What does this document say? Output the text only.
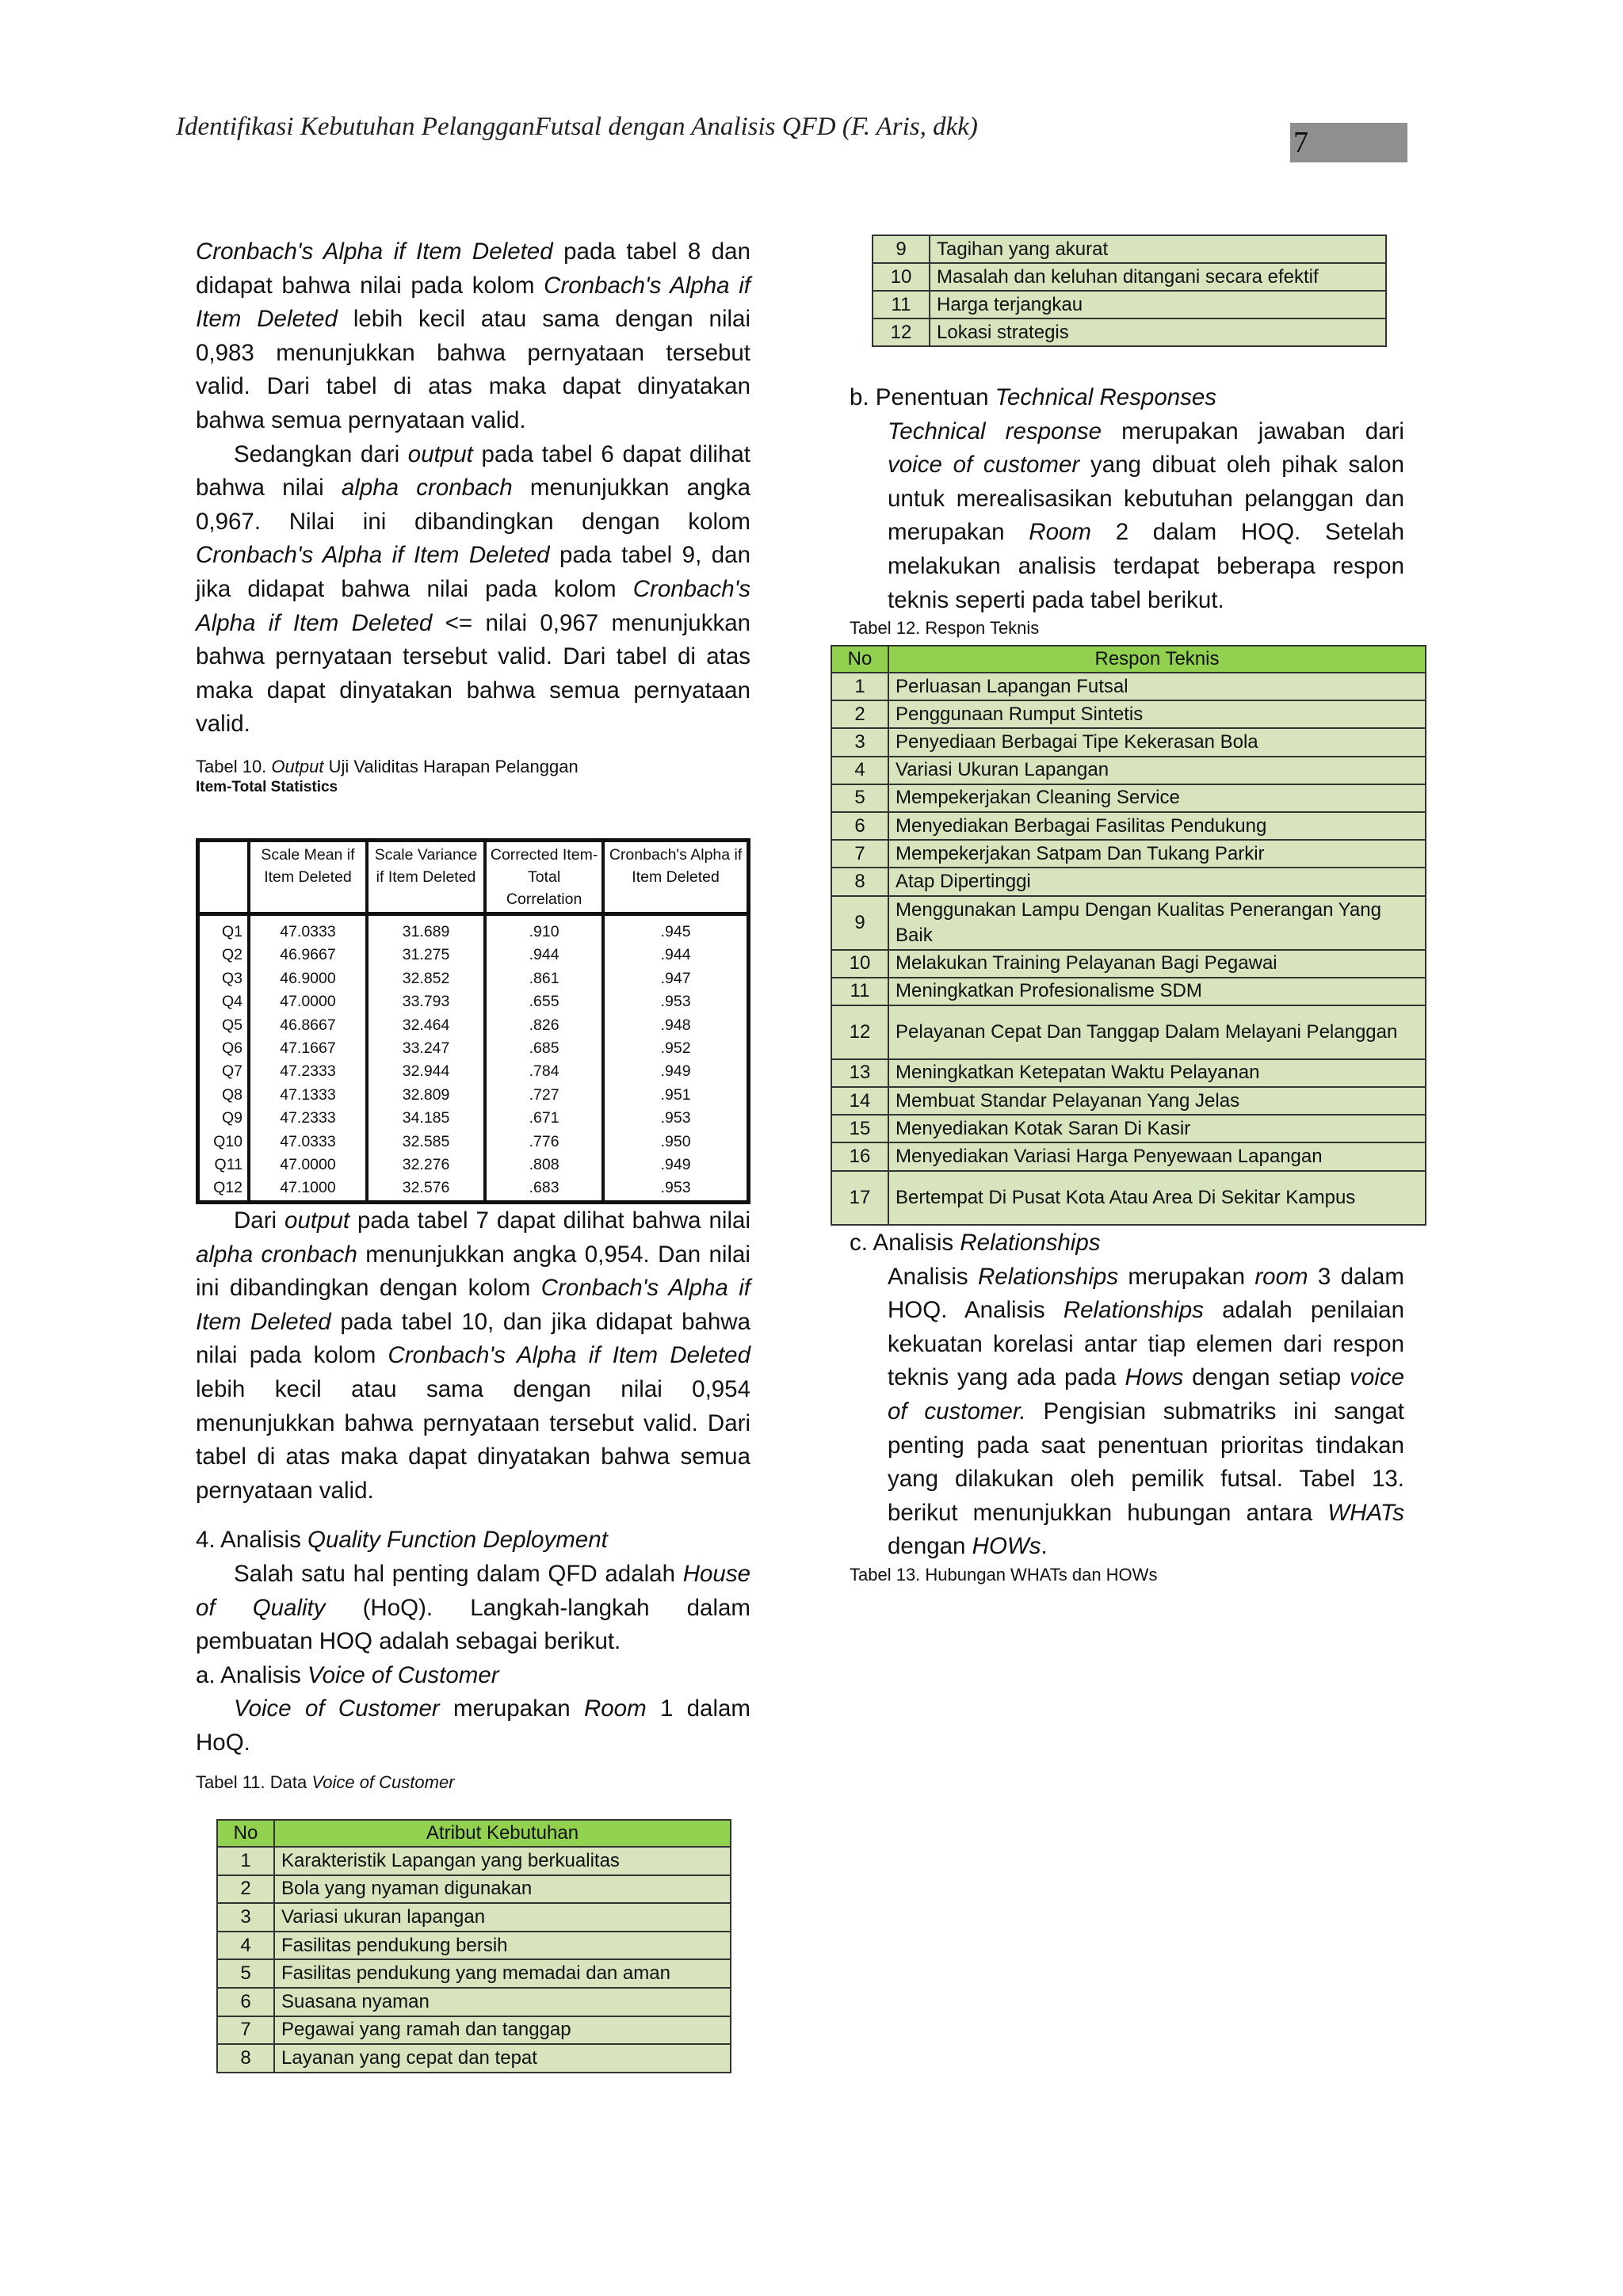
Identifikasi Kebutuhan PelangganFutsal dengan Analisis QFD (F. Aris, dkk)	7

Cronbach's Alpha if Item Deleted pada tabel 8 dan didapat bahwa nilai pada kolom Cronbach's Alpha if Item Deleted lebih kecil atau sama dengan nilai 0,983 menunjukkan bahwa pernyataan tersebut valid. Dari tabel di atas maka dapat dinyatakan bahwa semua pernyataan valid.

Sedangkan dari output pada tabel 6 dapat dilihat bahwa nilai alpha cronbach menunjukkan angka 0,967. Nilai ini dibandingkan dengan kolom Cronbach's Alpha if Item Deleted pada tabel 9, dan jika didapat bahwa nilai pada kolom Cronbach's Alpha if Item Deleted <= nilai 0,967 menunjukkan bahwa pernyataan tersebut valid. Dari tabel di atas maka dapat dinyatakan bahwa semua pernyataan valid.

Tabel 10. Output Uji Validitas Harapan Pelanggan

Item-Total Statistics

	Scale Mean if Item Deleted	Scale Variance if Item Deleted	Corrected Item-Total Correlation	Cronbach's Alpha if Item Deleted
Q1	47.0333	31.689	.910	.945
Q2	46.9667	31.275	.944	.944
Q3	46.9000	32.852	.861	.947
Q4	47.0000	33.793	.655	.953
Q5	46.8667	32.464	.826	.948
Q6	47.1667	33.247	.685	.952
Q7	47.2333	32.944	.784	.949
Q8	47.1333	32.809	.727	.951
Q9	47.2333	34.185	.671	.953
Q10	47.0333	32.585	.776	.950
Q11	47.0000	32.276	.808	.949
Q12	47.1000	32.576	.683	.953

Dari output pada tabel 7 dapat dilihat bahwa nilai alpha cronbach menunjukkan angka 0,954. Dan nilai ini dibandingkan dengan kolom Cronbach's Alpha if Item Deleted pada tabel 10, dan jika didapat bahwa nilai pada kolom Cronbach's Alpha if Item Deleted lebih kecil atau sama dengan nilai 0,954 menunjukkan bahwa pernyataan tersebut valid. Dari tabel di atas maka dapat dinyatakan bahwa semua pernyataan valid.

4. Analisis Quality Function Deployment

Salah satu hal penting dalam QFD adalah House of Quality (HoQ). Langkah-langkah dalam pembuatan HOQ adalah sebagai berikut.

a. Analisis Voice of Customer

Voice of Customer merupakan Room 1 dalam HoQ.

Tabel 11. Data Voice of Customer

No	Atribut Kebutuhan
1	Karakteristik Lapangan yang berkualitas
2	Bola yang nyaman digunakan
3	Variasi ukuran lapangan
4	Fasilitas pendukung bersih
5	Fasilitas pendukung yang memadai dan aman
6	Suasana nyaman
7	Pegawai yang ramah dan tanggap
8	Layanan yang cepat dan tepat
9	Tagihan yang akurat
10	Masalah dan keluhan ditangani secara efektif
11	Harga terjangkau
12	Lokasi strategis

b. Penentuan Technical Responses

Technical response merupakan jawaban dari voice of customer yang dibuat oleh pihak salon untuk merealisasikan kebutuhan pelanggan dan merupakan Room 2 dalam HOQ. Setelah melakukan analisis terdapat beberapa respon teknis seperti pada tabel berikut.

Tabel 12. Respon Teknis

No	Respon Teknis
1	Perluasan Lapangan Futsal
2	Penggunaan Rumput Sintetis
3	Penyediaan Berbagai Tipe Kekerasan Bola
4	Variasi Ukuran Lapangan
5	Mempekerjakan Cleaning Service
6	Menyediakan Berbagai Fasilitas Pendukung
7	Mempekerjakan Satpam Dan Tukang Parkir
8	Atap Dipertinggi
9	Menggunakan Lampu Dengan Kualitas Penerangan Yang Baik
10	Melakukan Training Pelayanan Bagi Pegawai
11	Meningkatkan Profesionalisme SDM
12	Pelayanan Cepat Dan Tanggap Dalam Melayani Pelanggan
13	Meningkatkan Ketepatan Waktu Pelayanan
14	Membuat Standar Pelayanan Yang Jelas
15	Menyediakan Kotak Saran Di Kasir
16	Menyediakan Variasi Harga Penyewaan Lapangan
17	Bertempat Di Pusat Kota Atau Area Di Sekitar Kampus

c. Analisis Relationships

Analisis Relationships merupakan room 3 dalam HOQ. Analisis Relationships adalah penilaian kekuatan korelasi antar tiap elemen dari respon teknis yang ada pada Hows dengan setiap voice of customer. Pengisian submatriks ini sangat penting pada saat penentuan prioritas tindakan yang dilakukan oleh pemilik futsal. Tabel 13. berikut menunjukkan hubungan antara WHATs dengan HOWs.

Tabel 13. Hubungan WHATs dan HOWs
